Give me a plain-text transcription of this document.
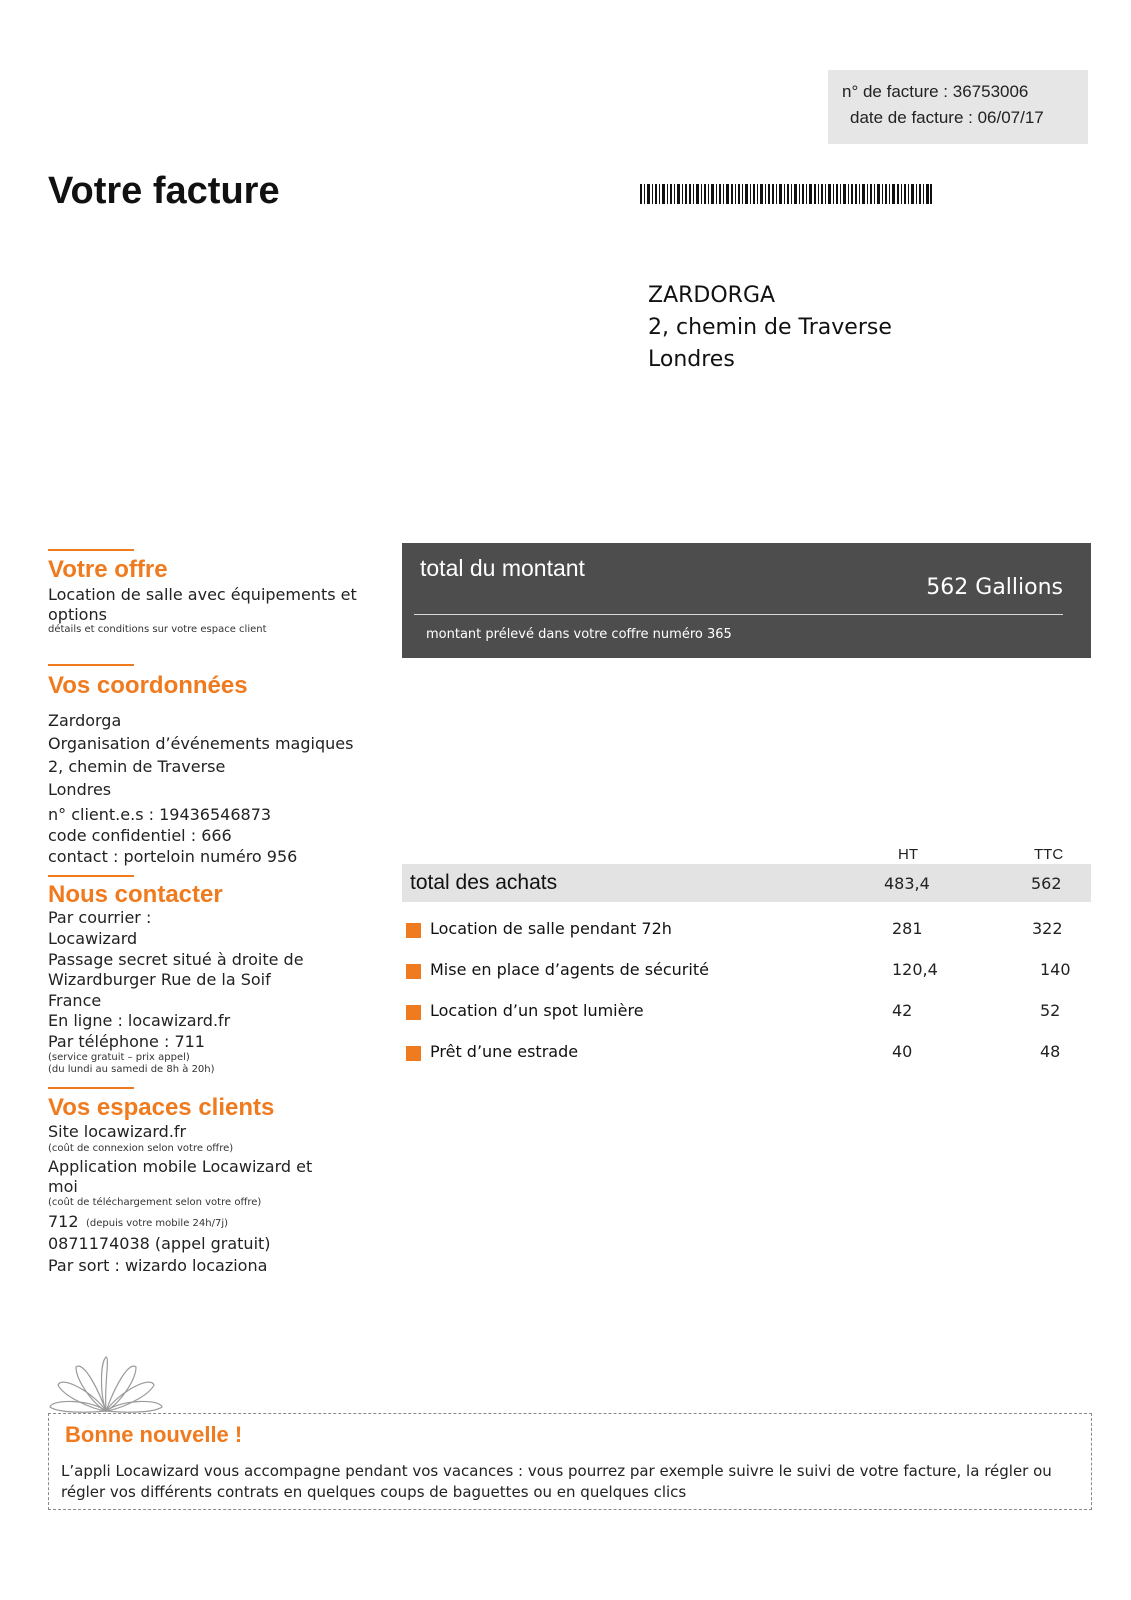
n° de facture : 36753006
date de facture : 06/07/17
Votre facture
ZARDORGA
2, chemin de Traverse
Londres
Votre offre
Location de salle avec équipements et
options
détails et conditions sur votre espace client
Vos coordonnées
Zardorga
Organisation d’événements magiques
2, chemin de Traverse
Londres
n° client.e.s : 19436546873
code confidentiel : 666
contact : porteloin numéro 956
Nous contacter
Par courrier :
Locawizard
Passage secret situé à droite de
Wizardburger Rue de la Soif
France
En ligne : locawizard.fr
Par téléphone : 711
(service gratuit – prix appel)
(du lundi au samedi de 8h à 20h)
Vos espaces clients
Site locawizard.fr
(coût de connexion selon votre offre)
Application mobile Locawizard et
moi
(coût de téléchargement selon votre offre)
712 (depuis votre mobile 24h/7j)
0871174038 (appel gratuit)
Par sort : wizardo locaziona
total du montant
562 Gallions
montant prélevé dans votre coffre numéro 365
HT	TTC
total des achats	483,4	562
Location de salle pendant 72h	281	322
Mise en place d’agents de sécurité	120,4	140
Location d’un spot lumière	42	52
Prêt d’une estrade	40	48
Bonne nouvelle !
L’appli Locawizard vous accompagne pendant vos vacances : vous pourrez par exemple suivre le suivi de votre facture, la régler ou régler vos différents contrats en quelques coups de baguettes ou en quelques clics
